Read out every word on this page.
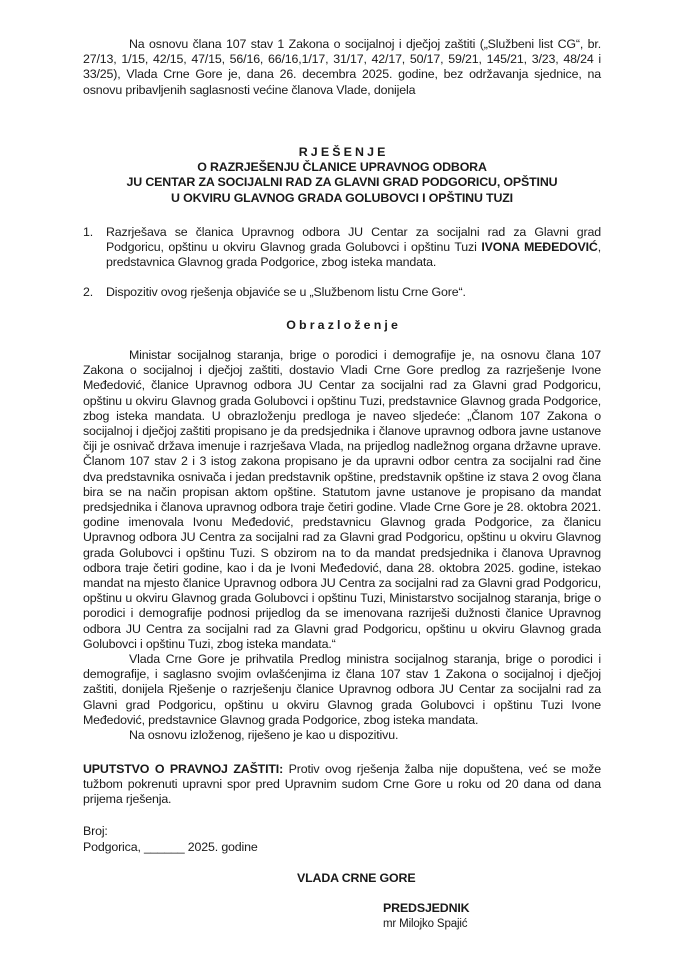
Na osnovu člana 107 stav 1 Zakona o socijalnoj i dječjoj zaštiti („Službeni list CG“, br. 27/13, 1/15, 42/15, 47/15, 56/16, 66/16,1/17, 31/17, 42/17, 50/17, 59/21, 145/21, 3/23, 48/24 i 33/25), Vlada Crne Gore je, dana 26. decembra 2025. godine, bez održavanja sjednice, na osnovu pribavljenih saglasnosti većine članova Vlade, donijela
R J E Š E N J E
O RAZRJEŠENJU ČLANICE UPRAVNOG ODBORA
JU CENTAR ZA SOCIJALNI RAD ZA GLAVNI GRAD PODGORICU, OPŠTINU
U OKVIRU GLAVNOG GRADA GOLUBOVCI I OPŠTINU TUZI
1. Razrješava se članica Upravnog odbora JU Centar za socijalni rad za Glavni grad Podgoricu, opštinu u okviru Glavnog grada Golubovci i opštinu Tuzi IVONA MEĐEDOVIĆ, predstavnica Glavnog grada Podgorice, zbog isteka mandata.
2. Dispozitiv ovog rješenja objaviće se u „Službenom listu Crne Gore“.
O b r a z l o ž e n j e

Ministar socijalnog staranja, brige o porodici i demografije je, na osnovu člana 107 Zakona o socijalnoj i dječjoj zaštiti, dostavio Vladi Crne Gore predlog za razrješenje Ivone Međedović, članice Upravnog odbora JU Centar za socijalni rad za Glavni grad Podgoricu, opštinu u okviru Glavnog grada Golubovci i opštinu Tuzi, predstavnice Glavnog grada Podgorice, zbog isteka mandata. U obrazloženju predloga je naveo sljedeće: „Članom 107 Zakona o socijalnoj i dječjoj zaštiti propisano je da predsjednika i članove upravnog odbora javne ustanove čiji je osnivač država imenuje i razrješava Vlada, na prijedlog nadležnog organa državne uprave. Članom 107 stav 2 i 3 istog zakona propisano je da upravni odbor centra za socijalni rad čine dva predstavnika osnivača i jedan predstavnik opštine, predstavnik opštine iz stava 2 ovog člana bira se na način propisan aktom opštine. Statutom javne ustanove je propisano da mandat predsjednika i članova upravnog odbora traje četiri godine. Vlade Crne Gore je 28. oktobra 2021. godine imenovala Ivonu Međedović, predstavnicu Glavnog grada Podgorice, za članicu Upravnog odbora JU Centra za socijalni rad za Glavni grad Podgoricu, opštinu u okviru Glavnog grada Golubovci i opštinu Tuzi. S obzirom na to da mandat predsjednika i članova Upravnog odbora traje četiri godine, kao i da je Ivoni Međedović, dana 28. oktobra 2025. godine, istekao mandat na mjesto članice Upravnog odbora JU Centra za socijalni rad za Glavni grad Podgoricu, opštinu u okviru Glavnog grada Golubovci i opštinu Tuzi, Ministarstvo socijalnog staranja, brige o porodici i demografije podnosi prijedlog da se imenovana razriješi dužnosti članice Upravnog odbora JU Centra za socijalni rad za Glavni grad Podgoricu, opštinu u okviru Glavnog grada Golubovci i opštinu Tuzi, zbog isteka mandata.“

Vlada Crne Gore je prihvatila Predlog ministra socijalnog staranja, brige o porodici i demografije, i saglasno svojim ovlašćenjima iz člana 107 stav 1 Zakona o socijalnoj i dječjoj zaštiti, donijela Rješenje o razrješenju članice Upravnog odbora JU Centar za socijalni rad za Glavni grad Podgoricu, opštinu u okviru Glavnog grada Golubovci i opštinu Tuzi Ivone Međedović, predstavnice Glavnog grada Podgorice, zbog isteka mandata.

Na osnovu izloženog, riješeno je kao u dispozitivu.

UPUTSTVO O PRAVNOJ ZAŠTITI: Protiv ovog rješenja žalba nije dopuštena, već se može tužbom pokrenuti upravni spor pred Upravnim sudom Crne Gore u roku od 20 dana od dana prijema rješenja.
Broj:
Podgorica, ______ 2025. godine
VLADA CRNE GORE
PREDSJEDNIK
mr Milojko Spajić
